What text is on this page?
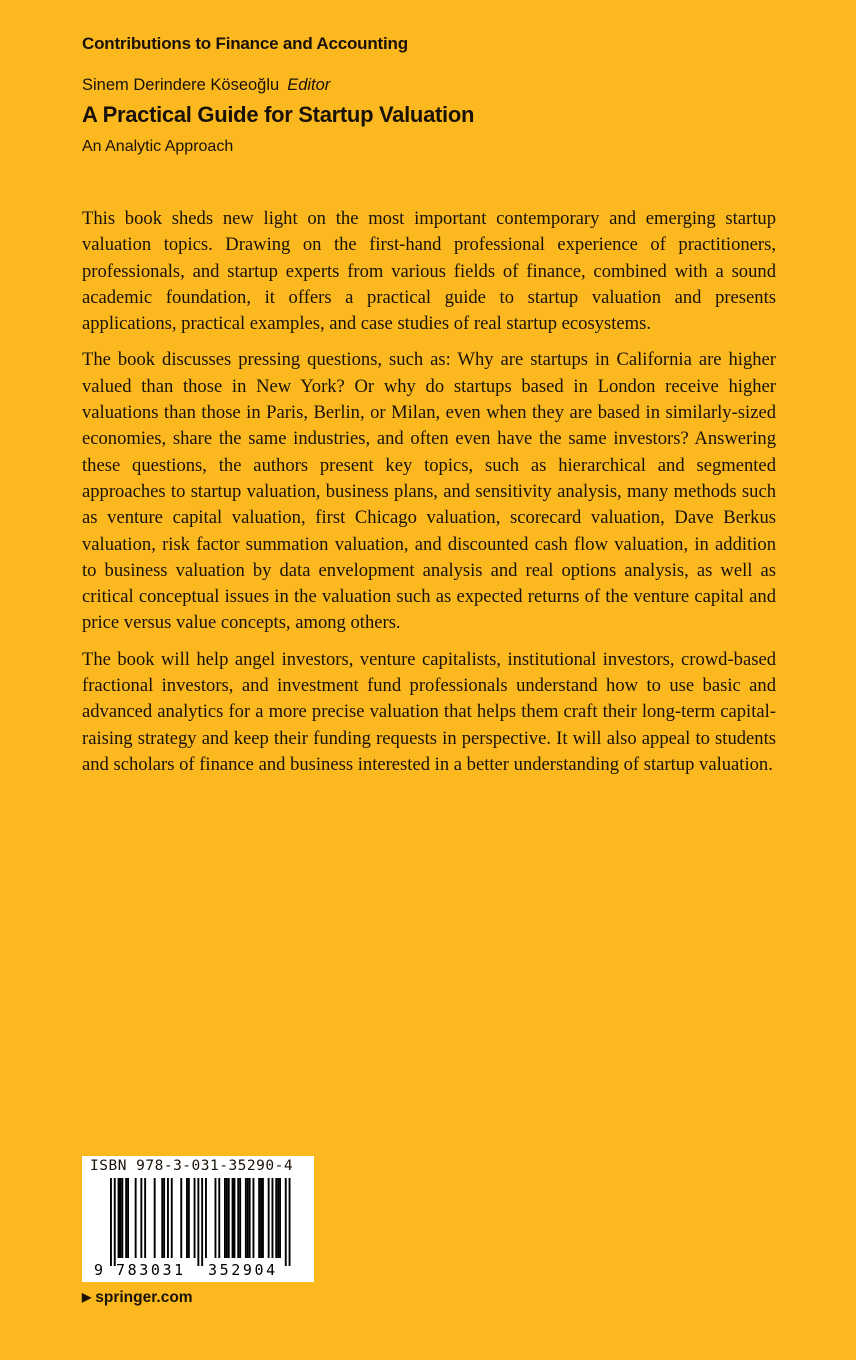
Contributions to Finance and Accounting
Sinem Derindere Köseoğlu Editor
A Practical Guide for Startup Valuation
An Analytic Approach

This book sheds new light on the most important contemporary and emerging startup valuation topics. Drawing on the first-hand professional experience of practitioners, professionals, and startup experts from various fields of finance, combined with a sound academic foundation, it offers a practical guide to startup valuation and presents applications, practical examples, and case studies of real startup ecosystems.

The book discusses pressing questions, such as: Why are startups in California are higher valued than those in New York? Or why do startups based in London receive higher valuations than those in Paris, Berlin, or Milan, even when they are based in similarly-sized economies, share the same industries, and often even have the same investors? Answering these questions, the authors present key topics, such as hierarchical and segmented approaches to startup valuation, business plans, and sensitivity analysis, many methods such as venture capital valuation, first Chicago valuation, scorecard valuation, Dave Berkus valuation, risk factor summation valuation, and discounted cash flow valuation, in addition to business valuation by data envelopment analysis and real options analysis, as well as critical conceptual issues in the valuation such as expected returns of the venture capital and price versus value concepts, among others.

The book will help angel investors, venture capitalists, institutional investors, crowd-based fractional investors, and investment fund professionals understand how to use basic and advanced analytics for a more precise valuation that helps them craft their long-term capital-raising strategy and keep their funding requests in perspective. It will also appeal to students and scholars of finance and business interested in a better understanding of startup valuation.

ISBN 978-3-031-35290-4
9 783031 352904
▶ springer.com
